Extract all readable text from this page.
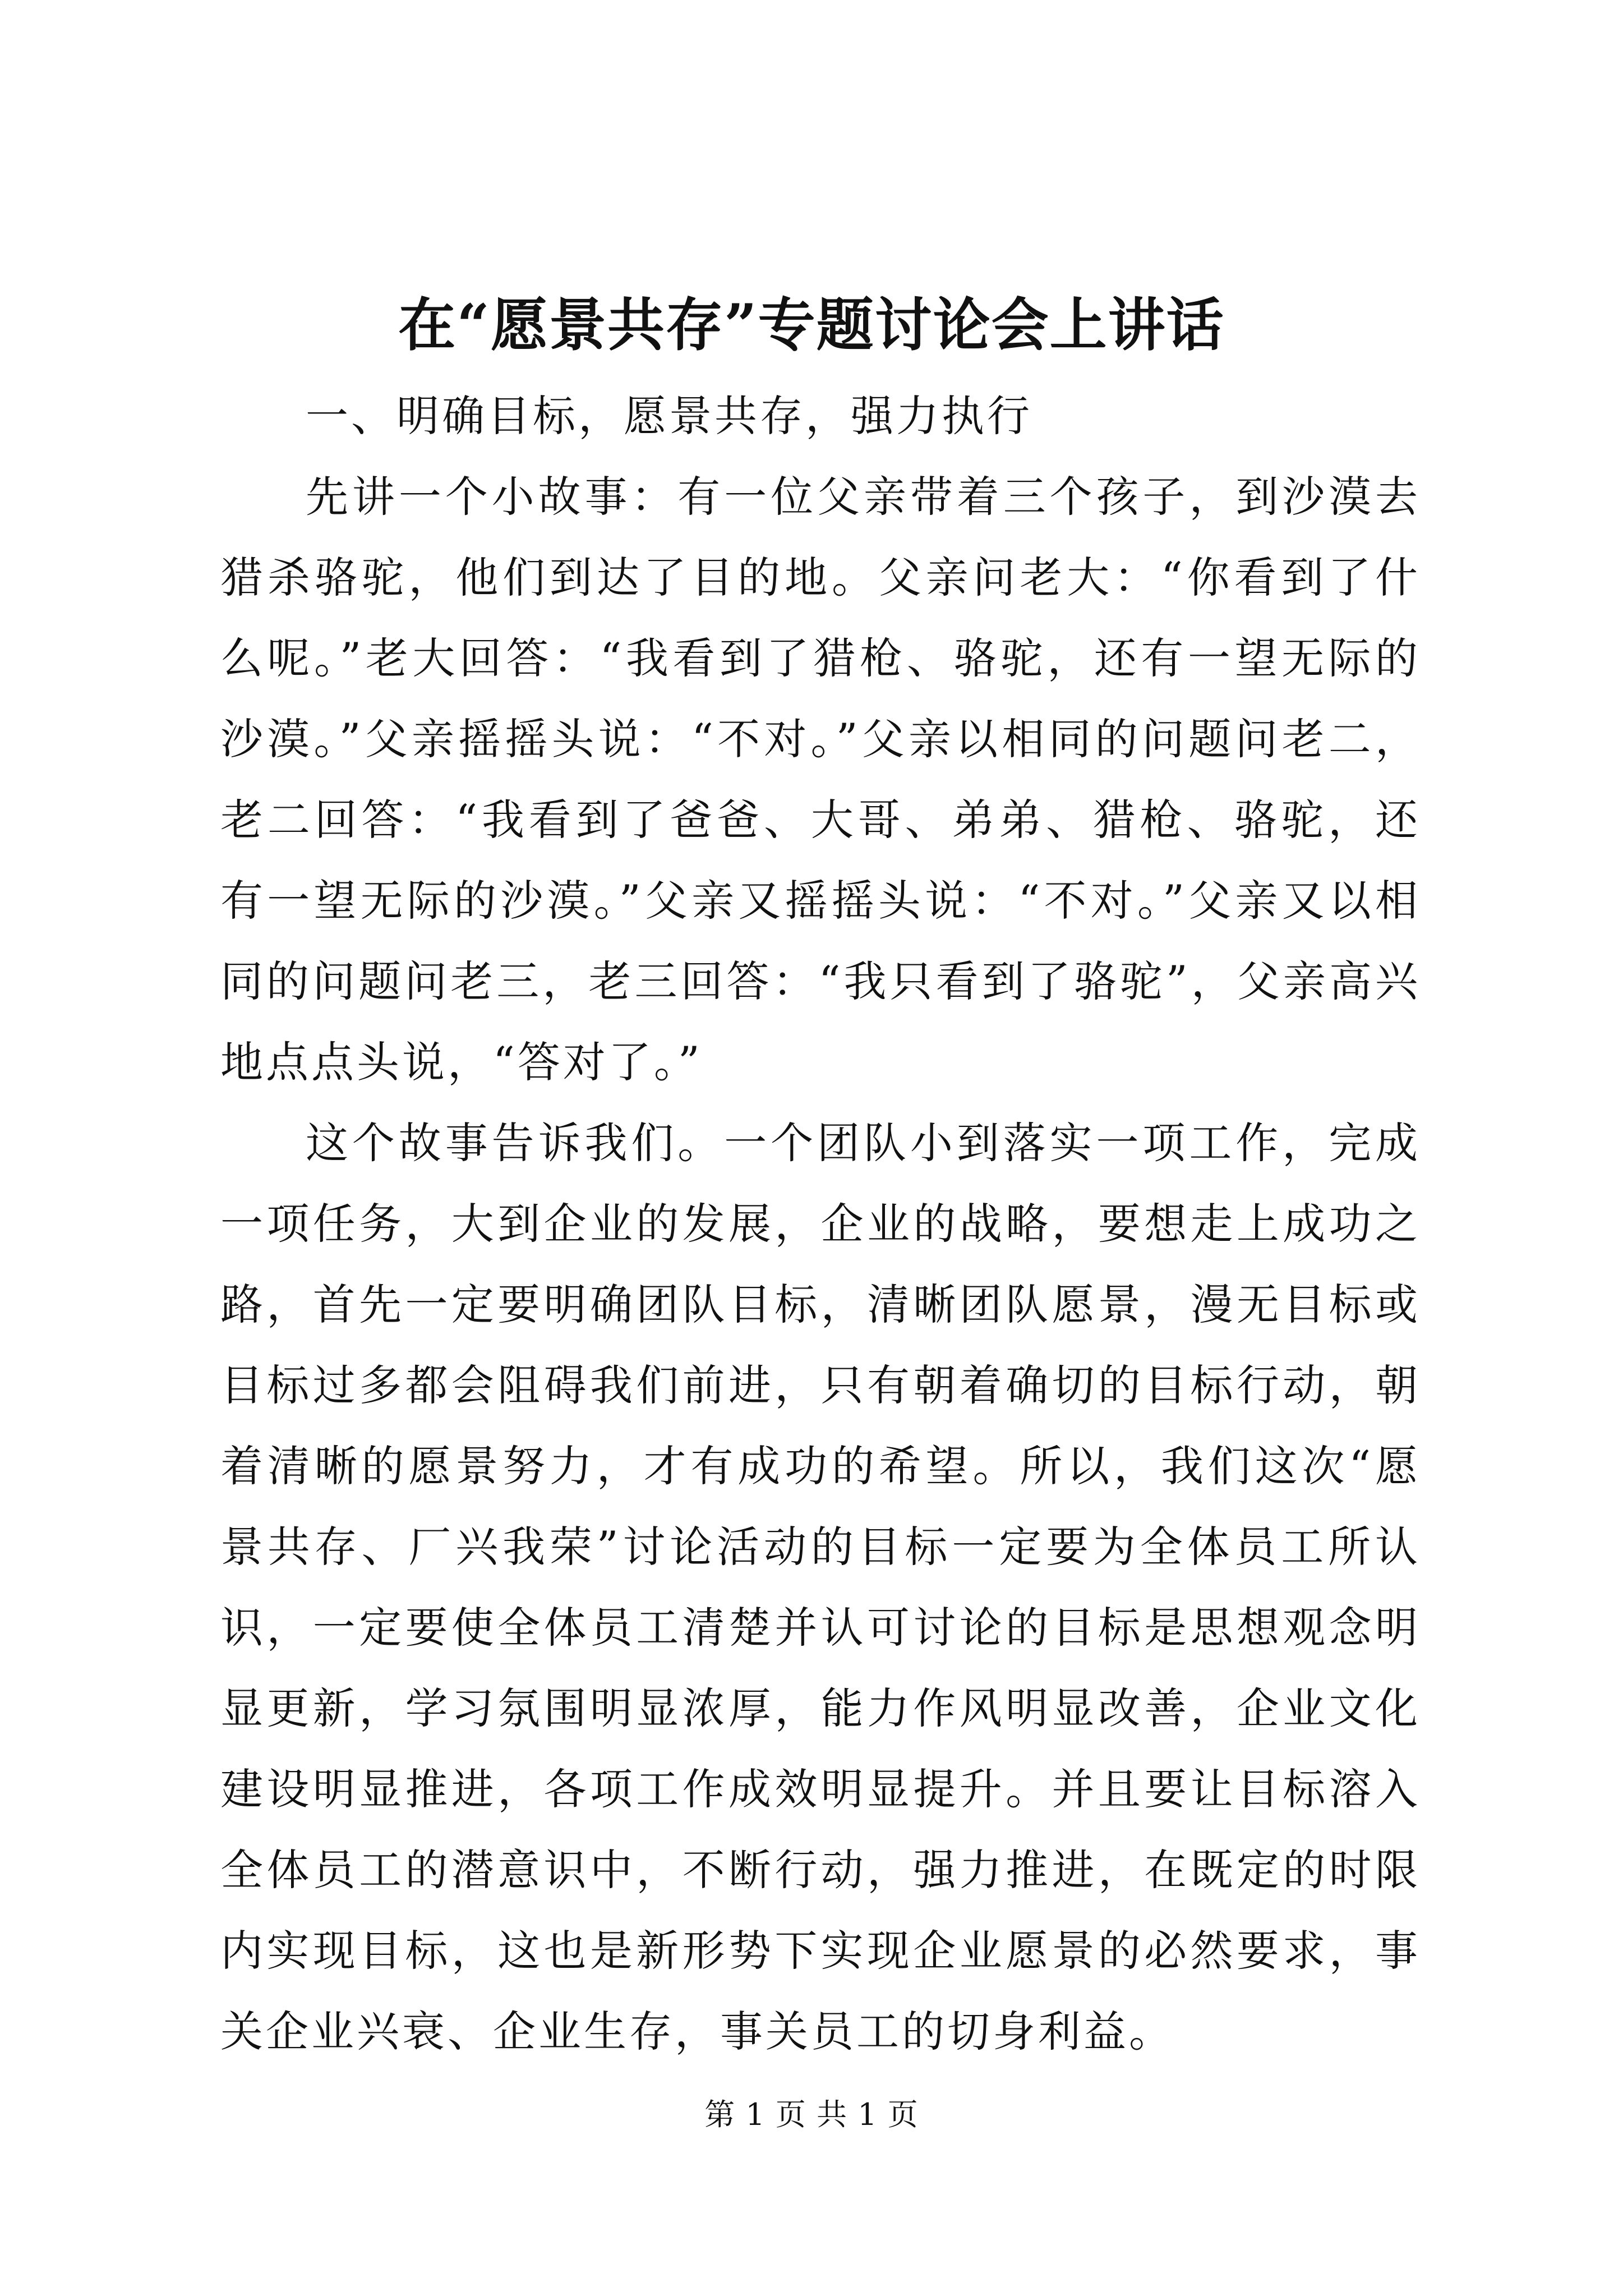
在“愿景共存”专题讨论会上讲话

一、明确目标，愿景共存，强力执行

先讲一个小故事：有一位父亲带着三个孩子，到沙漠去猎杀骆驼，他们到达了目的地。父亲问老大：“你看到了什么呢。”老大回答：“我看到了猎枪、骆驼，还有一望无际的沙漠。”父亲摇摇头说：“不对。”父亲以相同的问题问老二，老二回答：“我看到了爸爸、大哥、弟弟、猎枪、骆驼，还有一望无际的沙漠。”父亲又摇摇头说：“不对。”父亲又以相同的问题问老三，老三回答：“我只看到了骆驼”，父亲高兴地点点头说，“答对了。”

这个故事告诉我们。一个团队小到落实一项工作，完成一项任务，大到企业的发展，企业的战略，要想走上成功之路，首先一定要明确团队目标，清晰团队愿景，漫无目标或目标过多都会阻碍我们前进，只有朝着确切的目标行动，朝着清晰的愿景努力，才有成功的希望。所以，我们这次“愿景共存、厂兴我荣”讨论活动的目标一定要为全体员工所认识，一定要使全体员工清楚并认可讨论的目标是思想观念明显更新，学习氛围明显浓厚，能力作风明显改善，企业文化建设明显推进，各项工作成效明显提升。并且要让目标溶入全体员工的潜意识中，不断行动，强力推进，在既定的时限内实现目标，这也是新形势下实现企业愿景的必然要求，事关企业兴衰、企业生存，事关员工的切身利益。

第 1 页 共 1 页
